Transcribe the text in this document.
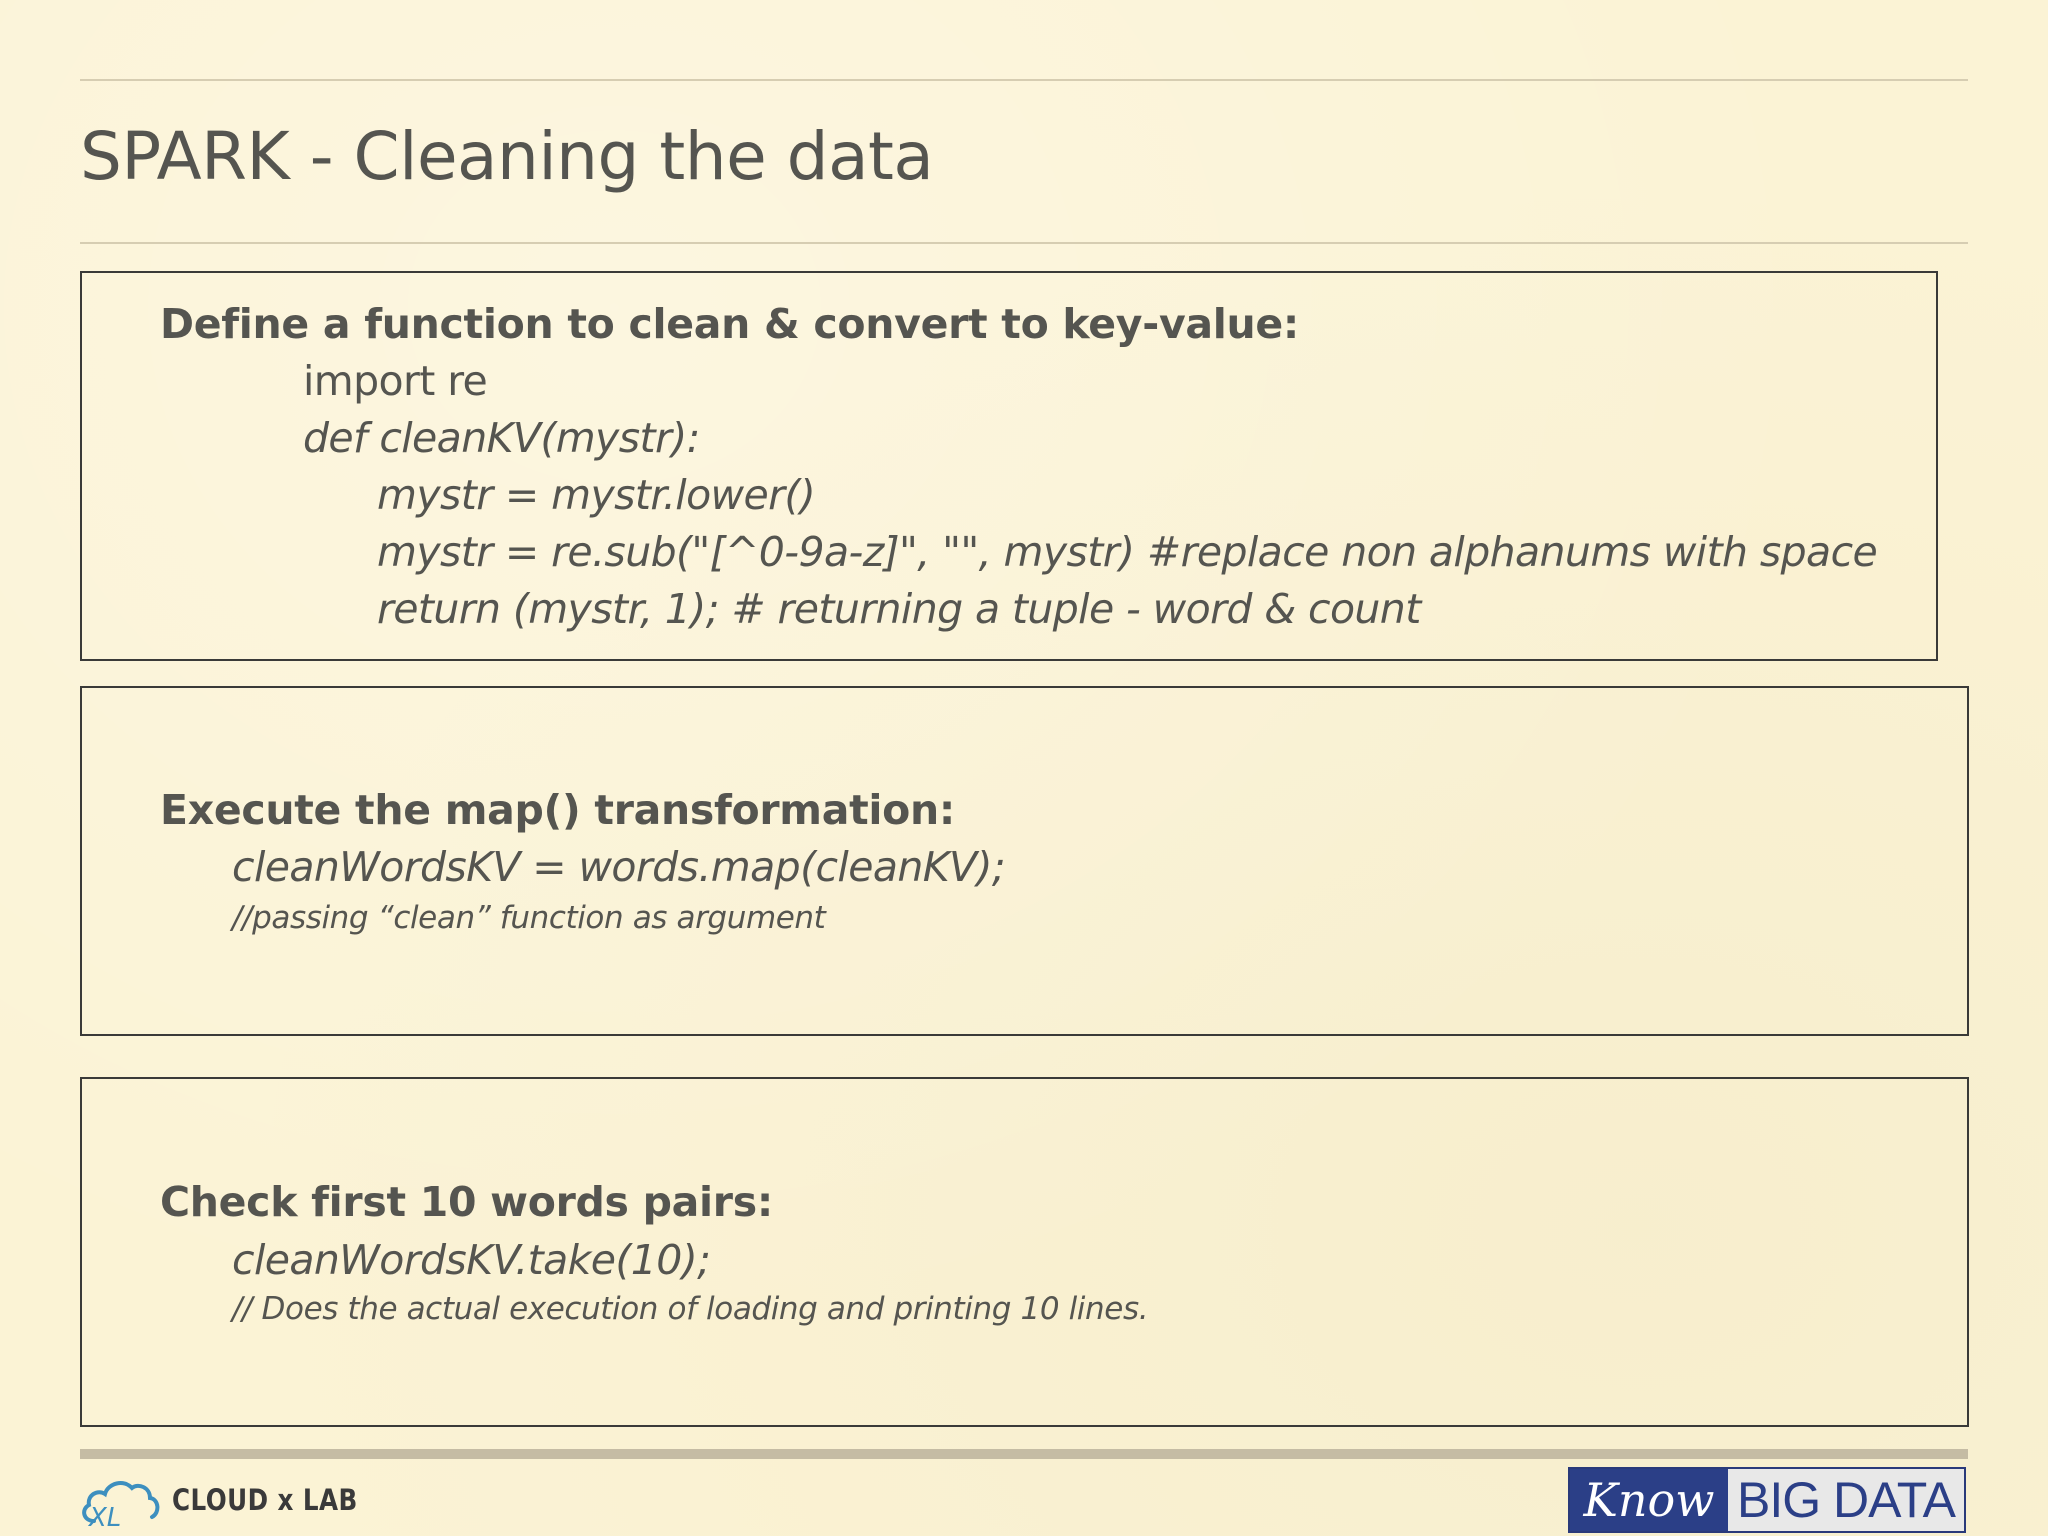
SPARK - Cleaning the data

Define a function to clean & convert to key-value:

import re

def cleanKV(mystr):

mystr = mystr.lower()

mystr = re.sub("[^0-9a-z]", "", mystr) #replace non alphanums with space

return (mystr, 1); # returning a tuple - word & count

Execute the map() transformation:

cleanWordsKV = words.map(cleanKV);

//passing “clean” function as argument

Check first 10 words pairs:

cleanWordsKV.take(10);

// Does the actual execution of loading and printing 10 lines.

XL
CLOUD x LAB	Know BIG DATA
